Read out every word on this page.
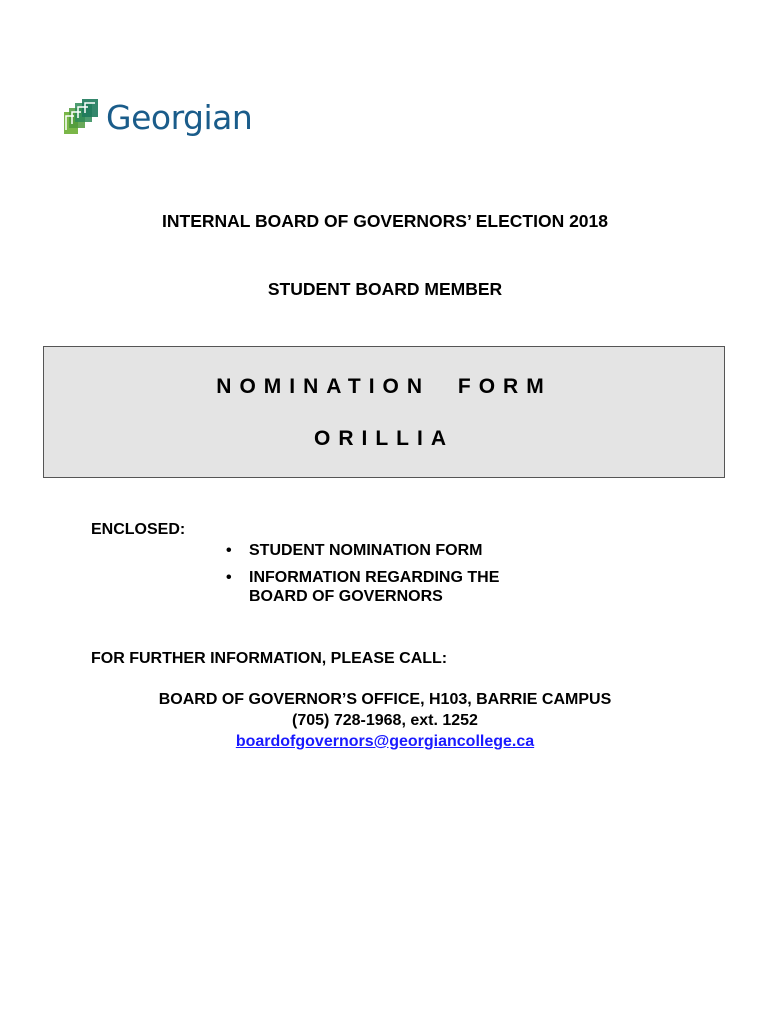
Georgian
INTERNAL BOARD OF GOVERNORS’ ELECTION 2018
STUDENT BOARD MEMBER
NOMINATION FORM
ORILLIA
ENCLOSED:
• STUDENT NOMINATION FORM
• INFORMATION REGARDING THE BOARD OF GOVERNORS
FOR FURTHER INFORMATION, PLEASE CALL:
BOARD OF GOVERNOR’S OFFICE, H103, BARRIE CAMPUS
(705) 728-1968, ext. 1252
boardofgovernors@georgiancollege.ca
